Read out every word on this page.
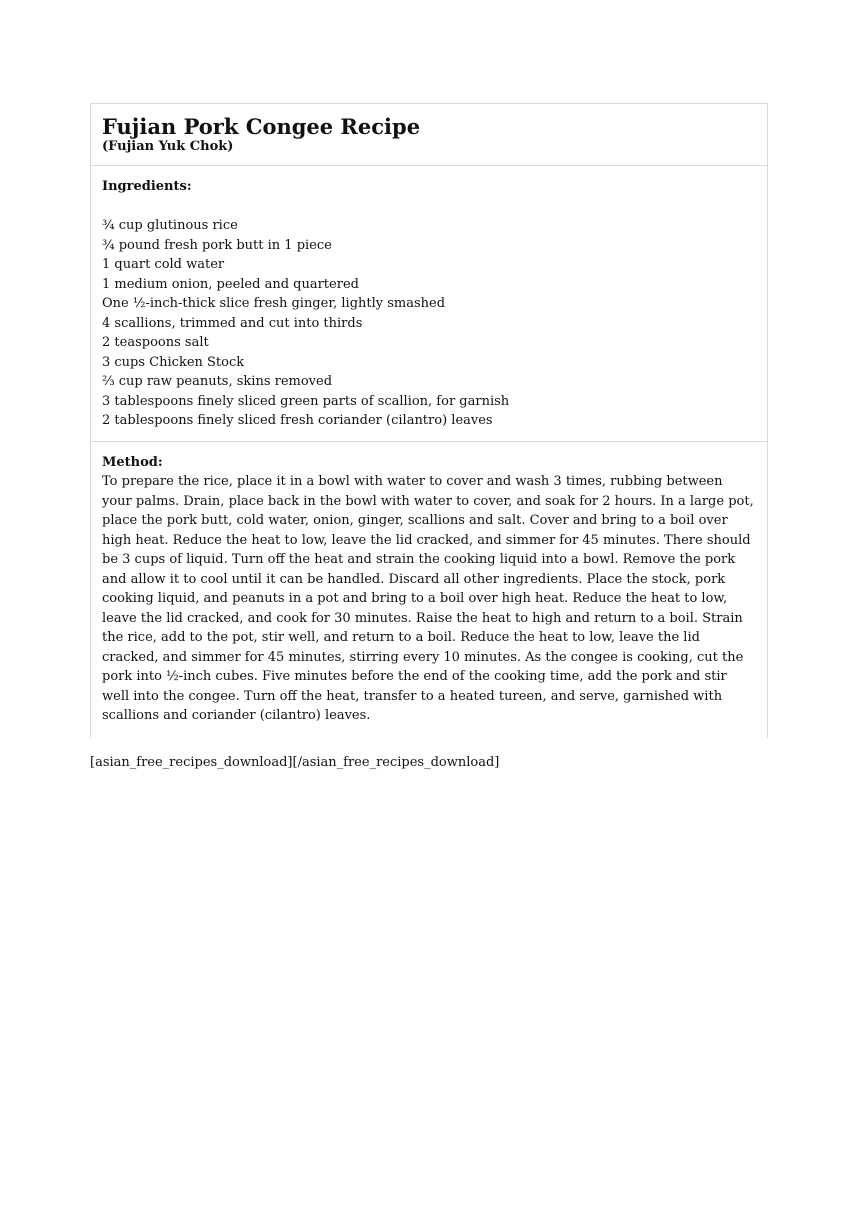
Fujian Pork Congee Recipe
(Fujian Yuk Chok)
Ingredients:
¾ cup glutinous rice
¾ pound fresh pork butt in 1 piece
1 quart cold water
1 medium onion, peeled and quartered
One ½-inch-thick slice fresh ginger, lightly smashed
4 scallions, trimmed and cut into thirds
2 teaspoons salt
3 cups Chicken Stock
⅔ cup raw peanuts, skins removed
3 tablespoons finely sliced green parts of scallion, for garnish
2 tablespoons finely sliced fresh coriander (cilantro) leaves
Method:

To prepare the rice, place it in a bowl with water to cover and wash 3 times, rubbing between your palms. Drain, place back in the bowl with water to cover, and soak for 2 hours. In a large pot, place the pork butt, cold water, onion, ginger, scallions and salt. Cover and bring to a boil over high heat. Reduce the heat to low, leave the lid cracked, and simmer for 45 minutes. There should be 3 cups of liquid. Turn off the heat and strain the cooking liquid into a bowl. Remove the pork and allow it to cool until it can be handled. Discard all other ingredients. Place the stock, pork cooking liquid, and peanuts in a pot and bring to a boil over high heat. Reduce the heat to low, leave the lid cracked, and cook for 30 minutes. Raise the heat to high and return to a boil. Strain the rice, add to the pot, stir well, and return to a boil. Reduce the heat to low, leave the lid cracked, and simmer for 45 minutes, stirring every 10 minutes. As the congee is cooking, cut the pork into ½-inch cubes. Five minutes before the end of the cooking time, add the pork and stir well into the congee. Turn off the heat, transfer to a heated tureen, and serve, garnished with scallions and coriander (cilantro) leaves.

[asian_free_recipes_download][/asian_free_recipes_download]
